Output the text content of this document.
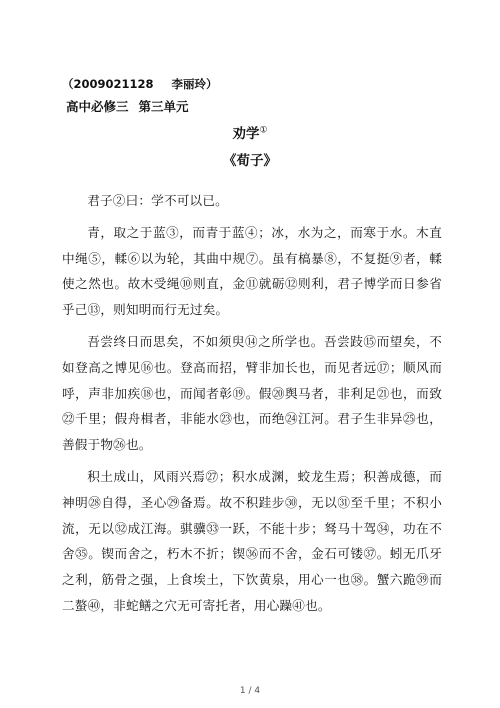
（2009021128 李丽玲）
高中必修三 第三单元
劝学①
《荀子》

君子②曰：学不可以已。

青，取之于蓝③，而青于蓝④；冰，水为之，而寒于水。木直中绳⑤，輮⑥以为轮，其曲中规⑦。虽有槁暴⑧，不复挺⑨者，輮使之然也。故木受绳⑩则直，金⑪就砺⑫则利，君子博学而日参省乎己⑬，则知明而行无过矣。

吾尝终日而思矣，不如须臾⑭之所学也。吾尝跂⑮而望矣，不如登高之博见⑯也。登高而招，臂非加长也，而见者远⑰；顺风而呼，声非加疾⑱也，而闻者彰⑲。假⑳舆马者，非利足㉑也，而致㉒千里；假舟楫者，非能水㉓也，而绝㉔江河。君子生非异㉕也，善假于物㉖也。

积土成山，风雨兴焉㉗；积水成渊，蛟龙生焉；积善成德，而神明㉘自得，圣心㉙备焉。故不积跬步㉚，无以㉛至千里；不积小流，无以㉜成江海。骐骥㉝一跃，不能十步；驽马十驾㉞，功在不舍㉟。锲而舍之，朽木不折；锲㊱而不舍，金石可镂㊲。蚓无爪牙之利，筋骨之强，上食埃土，下饮黄泉，用心一也㊳。蟹六跪㊴而二螯㊵，非蛇鳝之穴无可寄托者，用心躁㊶也。

1 / 4
